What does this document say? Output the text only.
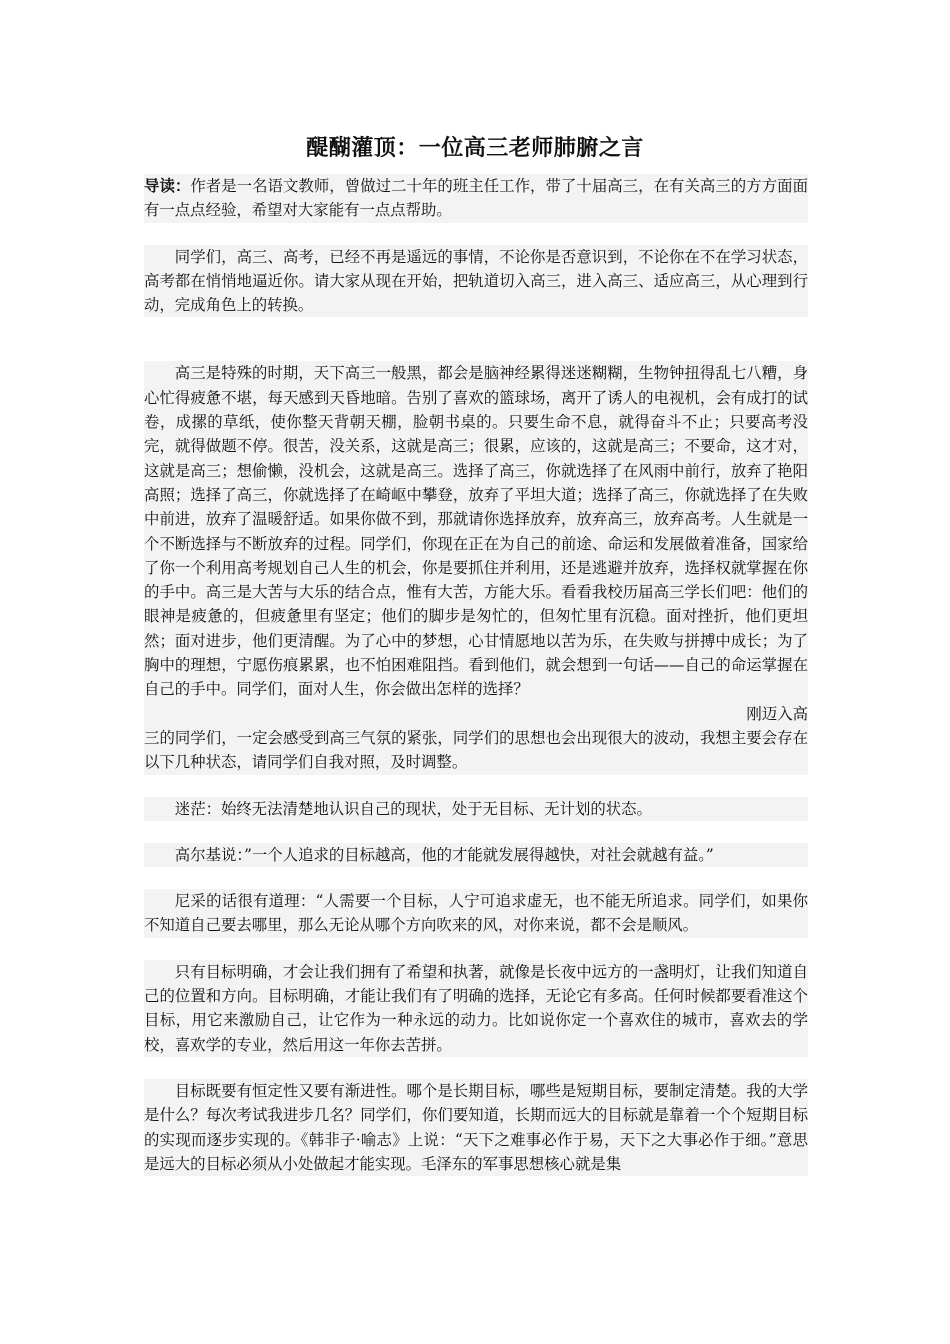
醍醐灌顶：一位高三老师肺腑之言

导读：作者是一名语文教师，曾做过二十年的班主任工作，带了十届高三，在有关高三的方方面面有一点点经验，希望对大家能有一点点帮助。

同学们，高三、高考，已经不再是遥远的事情，不论你是否意识到，不论你在不在学习状态，高考都在悄悄地逼近你。请大家从现在开始，把轨道切入高三，进入高三、适应高三，从心理到行动，完成角色上的转换。

高三是特殊的时期，天下高三一般黑，都会是脑神经累得迷迷糊糊，生物钟扭得乱七八糟，身心忙得疲惫不堪，每天感到天昏地暗。告别了喜欢的篮球场，离开了诱人的电视机，会有成打的试卷，成摞的草纸，使你整天背朝天棚，脸朝书桌的。只要生命不息，就得奋斗不止；只要高考没完，就得做题不停。很苦，没关系，这就是高三；很累，应该的，这就是高三；不要命，这才对，这就是高三；想偷懒，没机会，这就是高三。选择了高三，你就选择了在风雨中前行，放弃了艳阳高照；选择了高三，你就选择了在崎岖中攀登，放弃了平坦大道；选择了高三，你就选择了在失败中前进，放弃了温暖舒适。如果你做不到，那就请你选择放弃，放弃高三，放弃高考。人生就是一个不断选择与不断放弃的过程。同学们，你现在正在为自己的前途、命运和发展做着准备，国家给了你一个利用高考规划自己人生的机会，你是要抓住并利用，还是逃避并放弃，选择权就掌握在你的手中。高三是大苦与大乐的结合点，惟有大苦，方能大乐。看看我校历届高三学长们吧：他们的眼神是疲惫的，但疲惫里有坚定；他们的脚步是匆忙的，但匆忙里有沉稳。面对挫折，他们更坦然；面对进步，他们更清醒。为了心中的梦想，心甘情愿地以苦为乐，在失败与拼搏中成长；为了胸中的理想，宁愿伤痕累累，也不怕困难阻挡。看到他们，就会想到一句话——自己的命运掌握在自己的手中。同学们，面对人生，你会做出怎样的选择？

刚迈入高

三的同学们，一定会感受到高三气氛的紧张，同学们的思想也会出现很大的波动，我想主要会存在以下几种状态，请同学们自我对照，及时调整。

迷茫：始终无法清楚地认识自己的现状，处于无目标、无计划的状态。

高尔基说：”一个人追求的目标越高，他的才能就发展得越快，对社会就越有益。”

尼采的话很有道理：“人需要一个目标，人宁可追求虚无，也不能无所追求。同学们，如果你不知道自己要去哪里，那么无论从哪个方向吹来的风，对你来说，都不会是顺风。

只有目标明确，才会让我们拥有了希望和执著，就像是长夜中远方的一盏明灯，让我们知道自己的位置和方向。目标明确，才能让我们有了明确的选择，无论它有多高。任何时候都要看准这个目标，用它来激励自己，让它作为一种永远的动力。比如说你定一个喜欢住的城市，喜欢去的学校，喜欢学的专业，然后用这一年你去苦拼。

目标既要有恒定性又要有渐进性。哪个是长期目标，哪些是短期目标，要制定清楚。我的大学是什么？每次考试我进步几名？同学们，你们要知道，长期而远大的目标就是靠着一个个短期目标的实现而逐步实现的。《韩非子·喻志》上说：“天下之难事必作于易，天下之大事必作于细。”意思是远大的目标必须从小处做起才能实现。毛泽东的军事思想核心就是集
